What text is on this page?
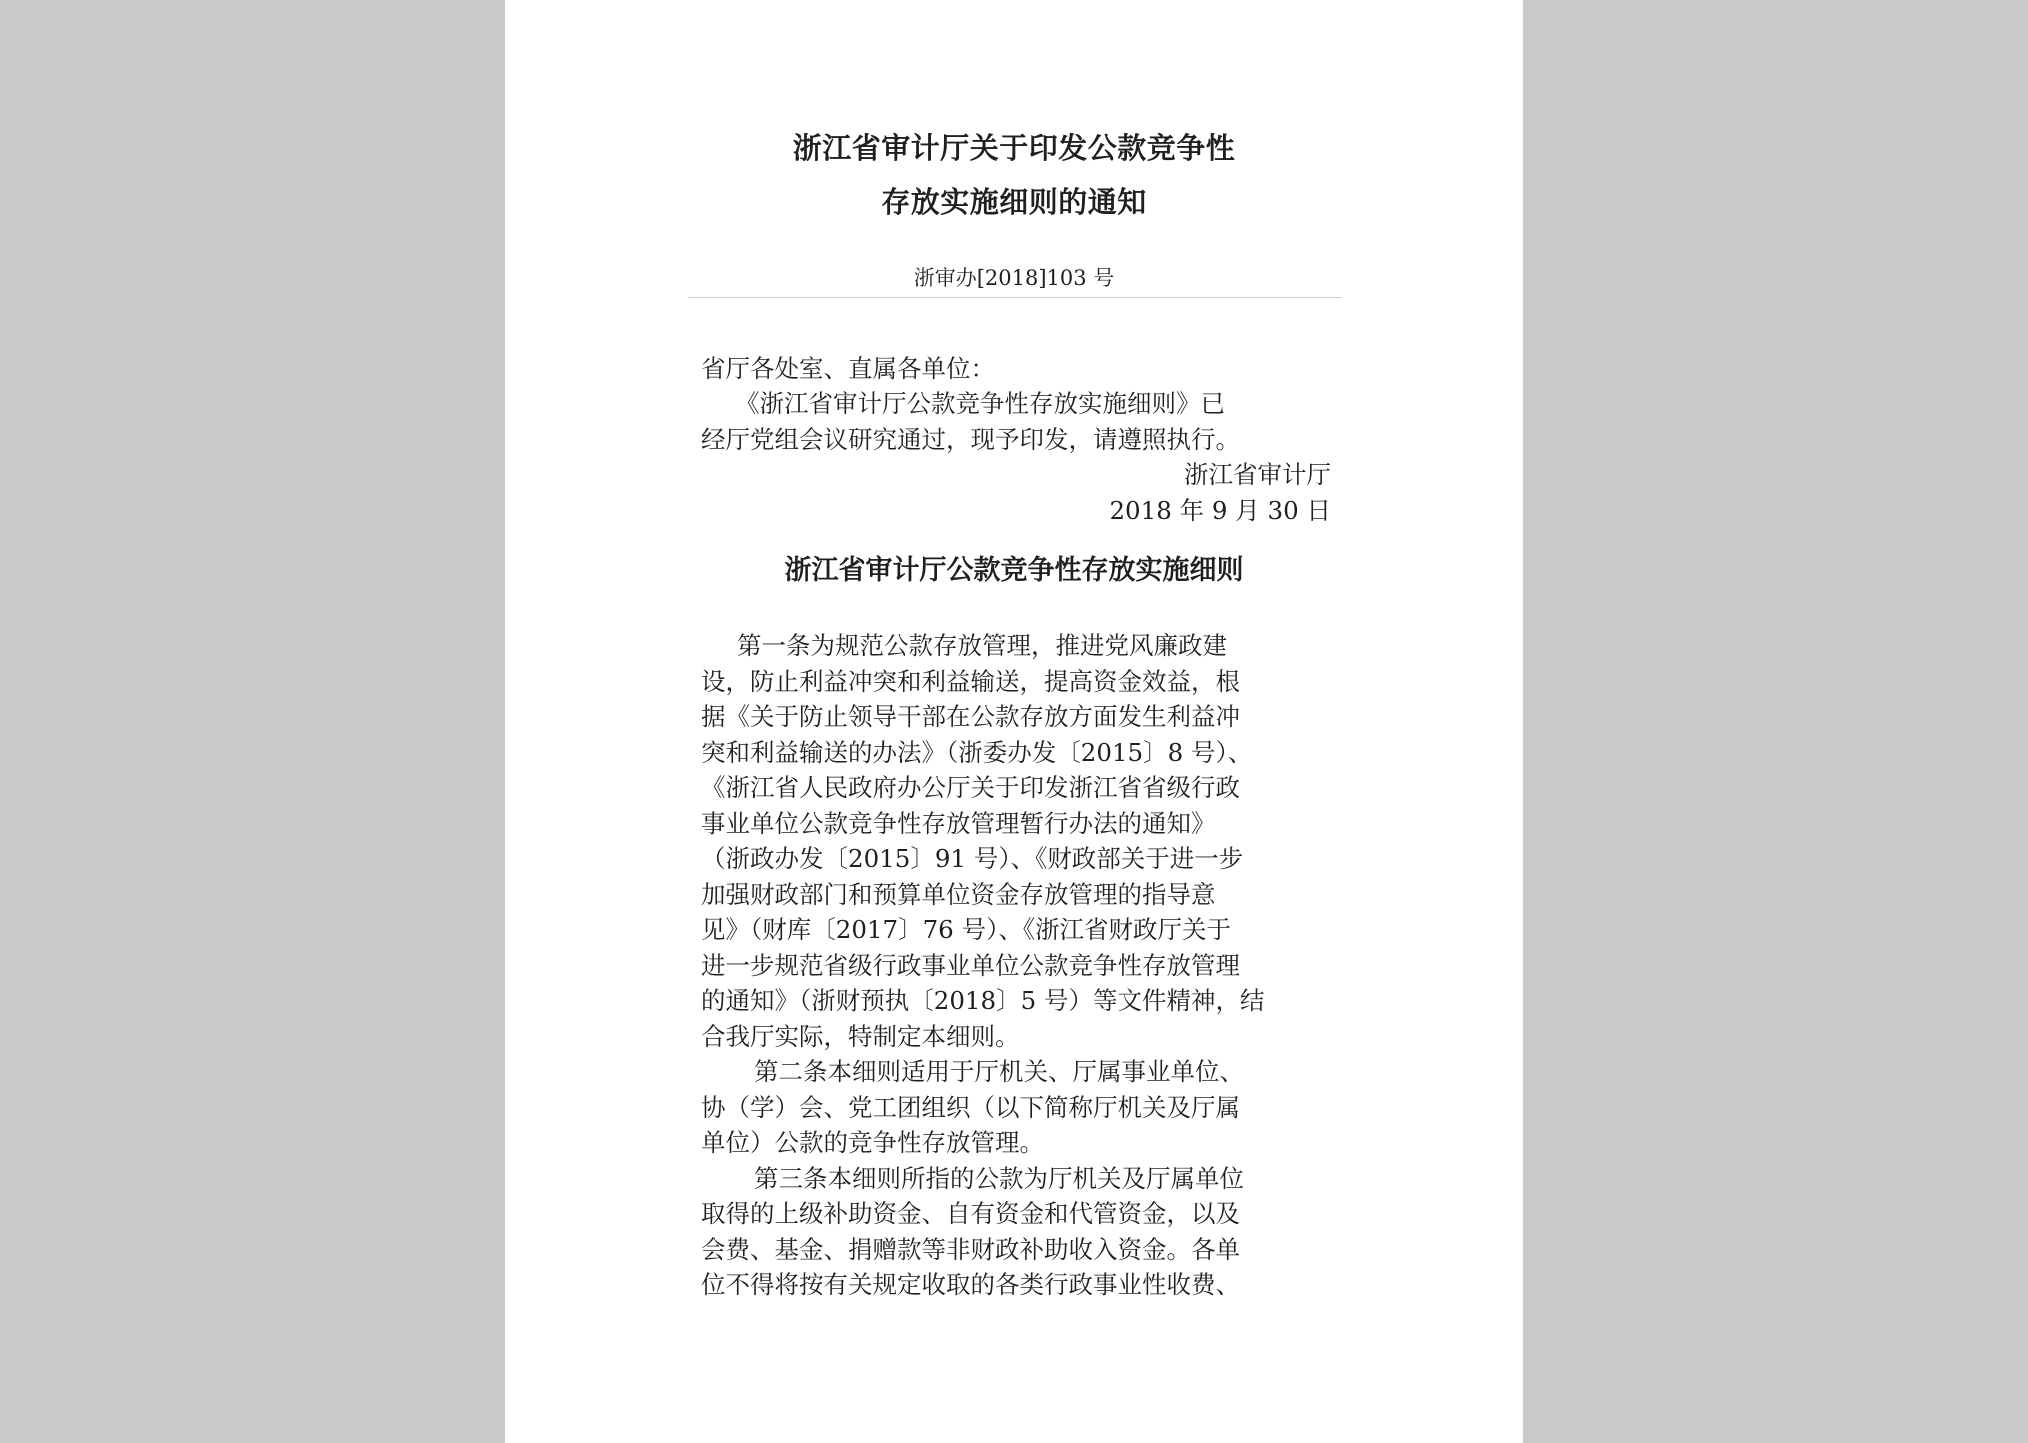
浙江省审计厅关于印发公款竞争性
存放实施细则的通知
浙审办[2018]103 号
省厅各处室、直属各单位：
《浙江省审计厅公款竞争性存放实施细则》已
经厅党组会议研究通过，现予印发，请遵照执行。
浙江省审计厅
2018 年 9 月 30 日
浙江省审计厅公款竞争性存放实施细则
第一条为规范公款存放管理，推进党风廉政建
设，防止利益冲突和利益输送，提高资金效益，根
据《关于防止领导干部在公款存放方面发生利益冲
突和利益输送的办法》（浙委办发〔2015〕8 号）、
《浙江省人民政府办公厅关于印发浙江省省级行政
事业单位公款竞争性存放管理暂行办法的通知》
（浙政办发〔2015〕91 号）、《财政部关于进一步
加强财政部门和预算单位资金存放管理的指导意
见》（财库〔2017〕76 号）、《浙江省财政厅关于
进一步规范省级行政事业单位公款竞争性存放管理
的通知》（浙财预执〔2018〕5 号）等文件精神，结
合我厅实际，特制定本细则。
第二条本细则适用于厅机关、厅属事业单位、
协（学）会、党工团组织（以下简称厅机关及厅属
单位）公款的竞争性存放管理。
第三条本细则所指的公款为厅机关及厅属单位
取得的上级补助资金、自有资金和代管资金，以及
会费、基金、捐赠款等非财政补助收入资金。各单
位不得将按有关规定收取的各类行政事业性收费、
